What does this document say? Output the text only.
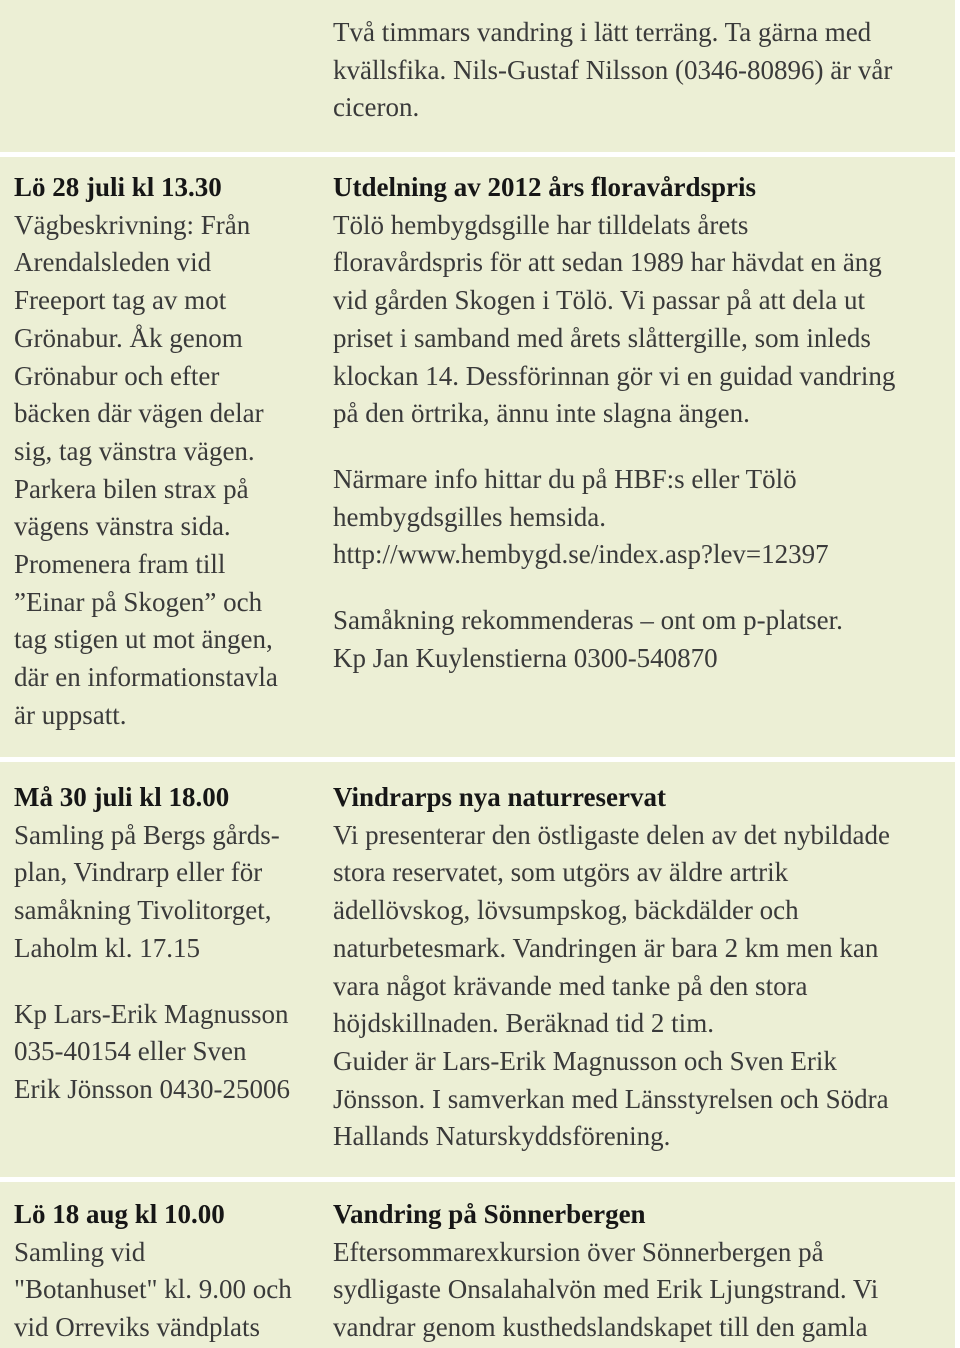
Två timmars vandring i lätt terräng. Ta gärna med
kvällsfika. Nils-Gustaf Nilsson (0346-80896) är vår
ciceron.

Lö 28 juli kl 13.30

Vägbeskrivning: Från
Arendalsleden vid
Freeport tag av mot
Grönabur. Åk genom
Grönabur och efter
bäcken där vägen delar
sig, tag vänstra vägen.
Parkera bilen strax på
vägens vänstra sida.
Promenera fram till
”Einar på Skogen” och
tag stigen ut mot ängen,
där en informationstavla
är uppsatt.

Utdelning av 2012 års floravårdspris

Tölö hembygdsgille har tilldelats årets
floravårdspris för att sedan 1989 har hävdat en äng
vid gården Skogen i Tölö. Vi passar på att dela ut
priset i samband med årets slåttergille, som inleds
klockan 14. Dessförinnan gör vi en guidad vandring
på den örtrika, ännu inte slagna ängen.

Närmare info hittar du på HBF:s eller Tölö
hembygdsgilles hemsida.
http://www.hembygd.se/index.asp?lev=12397

Samåkning rekommenderas – ont om p-platser.
Kp Jan Kuylenstierna 0300-540870

Må 30 juli kl 18.00

Samling på Bergs gårds-
plan, Vindrarp eller för
samåkning Tivolitorget,
Laholm kl. 17.15

Kp Lars-Erik Magnusson
035-40154 eller Sven
Erik Jönsson 0430-25006

Vindrarps nya naturreservat

Vi presenterar den östligaste delen av det nybildade
stora reservatet, som utgörs av äldre artrik
ädellövskog, lövsumpskog, bäckdälder och
naturbetesmark. Vandringen är bara 2 km men kan
vara något krävande med tanke på den stora
höjdskillnaden. Beräknad tid 2 tim.
Guider är Lars-Erik Magnusson och Sven Erik
Jönsson. I samverkan med Länsstyrelsen och Södra
Hallands Naturskyddsförening.

Lö 18 aug kl 10.00

Samling vid
"Botanhuset" kl. 9.00 och
vid Orreviks vändplats

Vandring på Sönnerbergen

Eftersommarexkursion över Sönnerbergen på
sydligaste Onsalahalvön med Erik Ljungstrand. Vi
vandrar genom kusthedslandskapet till den gamla
